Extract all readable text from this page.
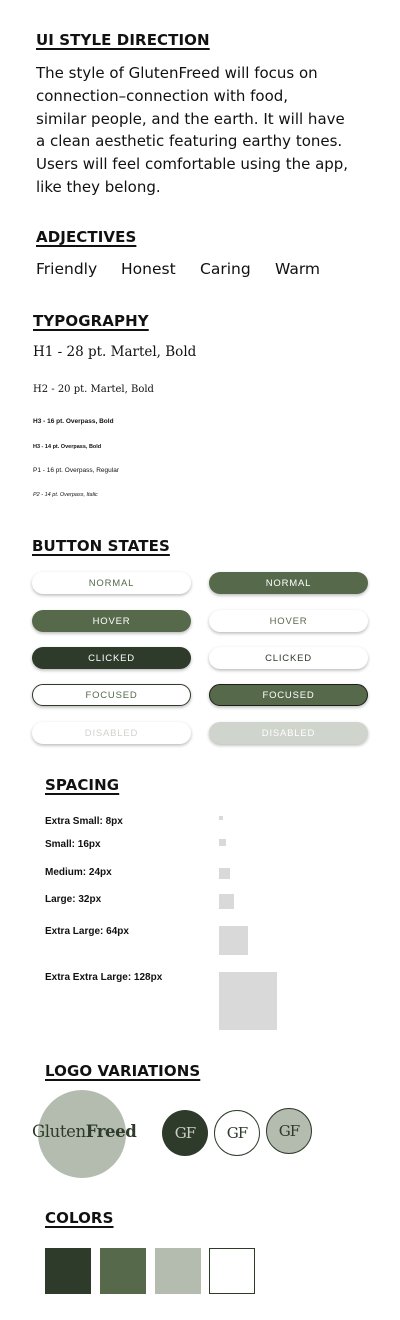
UI STYLE DIRECTION
The style of GlutenFreed will focus on
connection–connection with food,
similar people, and the earth. It will have
a clean aesthetic featuring earthy tones.
Users will feel comfortable using the app,
like they belong.
ADJECTIVES
Friendly Honest Caring Warm
TYPOGRAPHY
H1 - 28 pt. Martel, Bold
H2 - 20 pt. Martel, Bold
H3 - 16 pt. Overpass, Bold
H3 - 14 pt. Overpass, Bold
P1 - 16 pt. Overpass, Regular
P2 - 14 pt. Overpass, Italic
BUTTON STATES
NORMAL	NORMAL
HOVER	HOVER
CLICKED	CLICKED
FOCUSED	FOCUSED
DISABLED	DISABLED
SPACING
Extra Small: 8px
Small: 16px
Medium: 24px
Large: 32px
Extra Large: 64px
Extra Extra Large: 128px
LOGO VARIATIONS
GlutenFreed	GF	GF	GF
COLORS
